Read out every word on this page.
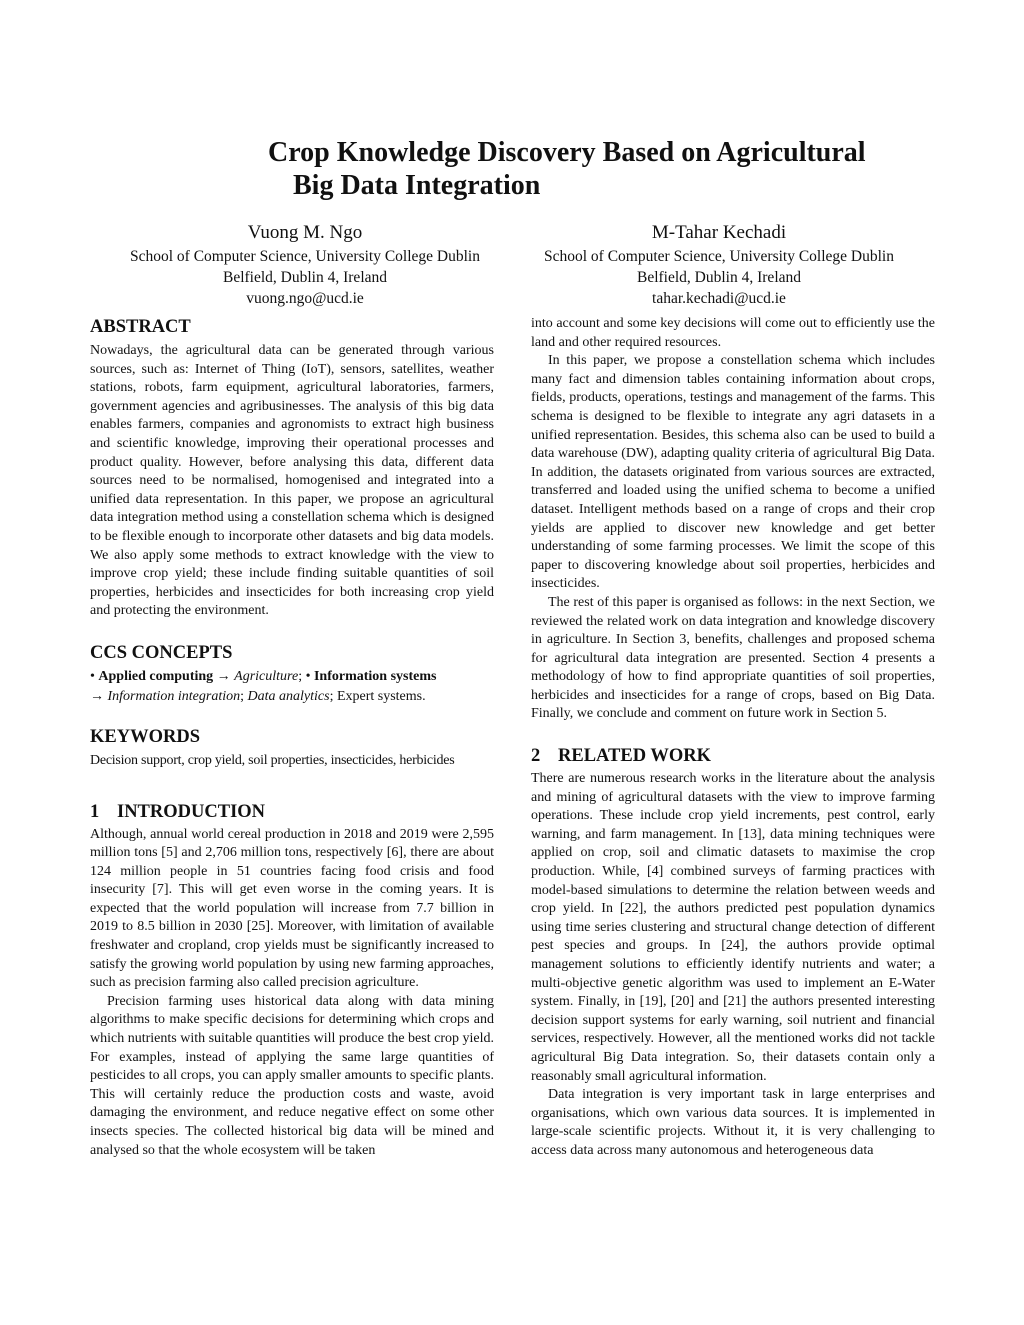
Crop Knowledge Discovery Based on Agricultural
Big Data Integration
Vuong M. Ngo
School of Computer Science, University College Dublin
Belfield, Dublin 4, Ireland
vuong.ngo@ucd.ie
M-Tahar Kechadi
School of Computer Science, University College Dublin
Belfield, Dublin 4, Ireland
tahar.kechadi@ucd.ie
ABSTRACT

Nowadays, the agricultural data can be generated through various sources, such as: Internet of Thing (IoT), sensors, satellites, weather stations, robots, farm equipment, agricultural laboratories, farmers, government agencies and agribusinesses. The analysis of this big data enables farmers, companies and agronomists to extract high business and scientific knowledge, improving their operational processes and product quality. However, before analysing this data, different data sources need to be normalised, homogenised and integrated into a unified data representation. In this paper, we propose an agricultural data integration method using a constellation schema which is designed to be flexible enough to incorporate other datasets and big data models. We also apply some methods to extract knowledge with the view to improve crop yield; these include finding suitable quantities of soil properties, herbicides and insecticides for both increasing crop yield and protecting the environment.

CCS CONCEPTS

• Applied computing → Agriculture; • Information systems
→ Information integration; Data analytics; Expert systems.

KEYWORDS

Decision support, crop yield, soil properties, insecticides, herbicides

1 INTRODUCTION

Although, annual world cereal production in 2018 and 2019 were 2,595 million tons [5] and 2,706 million tons, respectively [6], there are about 124 million people in 51 countries facing food crisis and food insecurity [7]. This will get even worse in the coming years. It is expected that the world population will increase from 7.7 billion in 2019 to 8.5 billion in 2030 [25]. Moreover, with limitation of available freshwater and cropland, crop yields must be significantly increased to satisfy the growing world population by using new farming approaches, such as precision farming also called precision agriculture.

Precision farming uses historical data along with data mining algorithms to make specific decisions for determining which crops and which nutrients with suitable quantities will produce the best crop yield. For examples, instead of applying the same large quantities of pesticides to all crops, you can apply smaller amounts to specific plants. This will certainly reduce the production costs and waste, avoid damaging the environment, and reduce negative effect on some other insects species. The collected historical big data will be mined and analysed so that the whole ecosystem will be taken

into account and some key decisions will come out to efficiently use the land and other required resources.

In this paper, we propose a constellation schema which includes many fact and dimension tables containing information about crops, fields, products, operations, testings and management of the farms. This schema is designed to be flexible to integrate any agri datasets in a unified representation. Besides, this schema also can be used to build a data warehouse (DW), adapting quality criteria of agricultural Big Data. In addition, the datasets originated from various sources are extracted, transferred and loaded using the unified schema to become a unified dataset. Intelligent methods based on a range of crops and their crop yields are applied to discover new knowledge and get better understanding of some farming processes. We limit the scope of this paper to discovering knowledge about soil properties, herbicides and insecticides.

The rest of this paper is organised as follows: in the next Section, we reviewed the related work on data integration and knowledge discovery in agriculture. In Section 3, benefits, challenges and proposed schema for agricultural data integration are presented. Section 4 presents a methodology of how to find appropriate quantities of soil properties, herbicides and insecticides for a range of crops, based on Big Data. Finally, we conclude and comment on future work in Section 5.

2 RELATED WORK

There are numerous research works in the literature about the analysis and mining of agricultural datasets with the view to improve farming operations. These include crop yield increments, pest control, early warning, and farm management. In [13], data mining techniques were applied on crop, soil and climatic datasets to maximise the crop production. While, [4] combined surveys of farming practices with model-based simulations to determine the relation between weeds and crop yield. In [22], the authors predicted pest population dynamics using time series clustering and structural change detection of different pest species and groups. In [24], the authors provide optimal management solutions to efficiently identify nutrients and water; a multi-objective genetic algorithm was used to implement an E-Water system. Finally, in [19], [20] and [21] the authors presented interesting decision support systems for early warning, soil nutrient and financial services, respectively. However, all the mentioned works did not tackle agricultural Big Data integration. So, their datasets contain only a reasonably small agricultural information.

Data integration is very important task in large enterprises and organisations, which own various data sources. It is implemented in large-scale scientific projects. Without it, it is very challenging to access data across many autonomous and heterogeneous data
